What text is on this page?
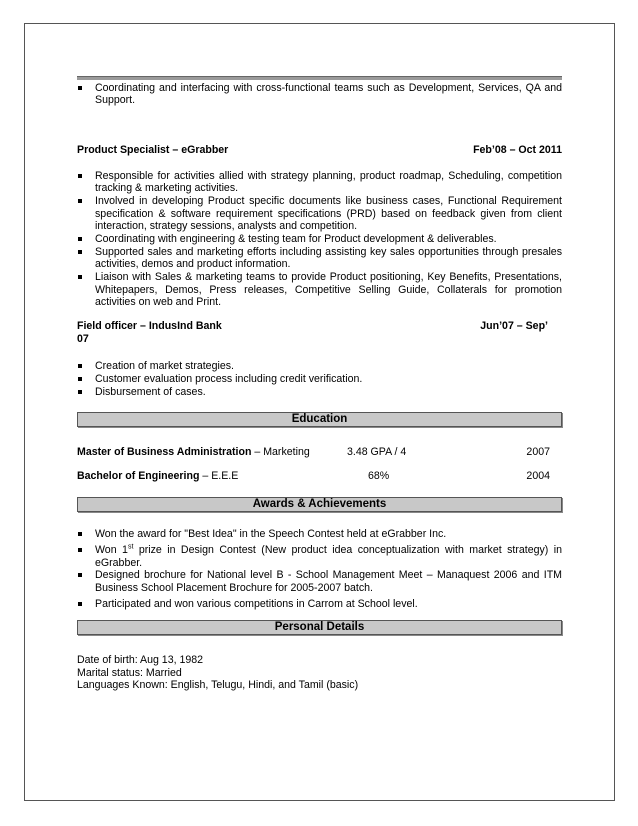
Coordinating and interfacing with cross-functional teams such as Development, Services, QA and Support.
Product Specialist – eGrabber	Feb’08 – Oct 2011
Responsible for activities allied with strategy planning, product roadmap, Scheduling, competition tracking & marketing activities.
Involved in developing Product specific documents like business cases, Functional Requirement specification & software requirement specifications (PRD) based on feedback given from client interaction, strategy sessions, analysts and competition.
Coordinating with engineering & testing team for Product development & deliverables.
Supported sales and marketing efforts including assisting key sales opportunities through presales activities, demos and product information.
Liaison with Sales & marketing teams to provide Product positioning, Key Benefits, Presentations, Whitepapers, Demos, Press releases, Competitive Selling Guide, Collaterals for promotion activities on web and Print.
Field officer – IndusInd Bank	Jun’07 – Sep’
07
Creation of market strategies.
Customer evaluation process including credit verification.
Disbursement of cases.
Education
Master of Business Administration – Marketing	3.48 GPA / 4	2007
Bachelor of Engineering – E.E.E	68%	2004
Awards & Achievements
Won the award for "Best Idea" in the Speech Contest held at eGrabber Inc.
Won 1st prize in Design Contest (New product idea conceptualization with market strategy) in eGrabber.
Designed brochure for National level B - School Management Meet – Manaquest 2006 and ITM Business School Placement Brochure for 2005-2007 batch.
Participated and won various competitions in Carrom at School level.
Personal Details
Date of birth: Aug 13, 1982
Marital status: Married
Languages Known: English, Telugu, Hindi, and Tamil (basic)
